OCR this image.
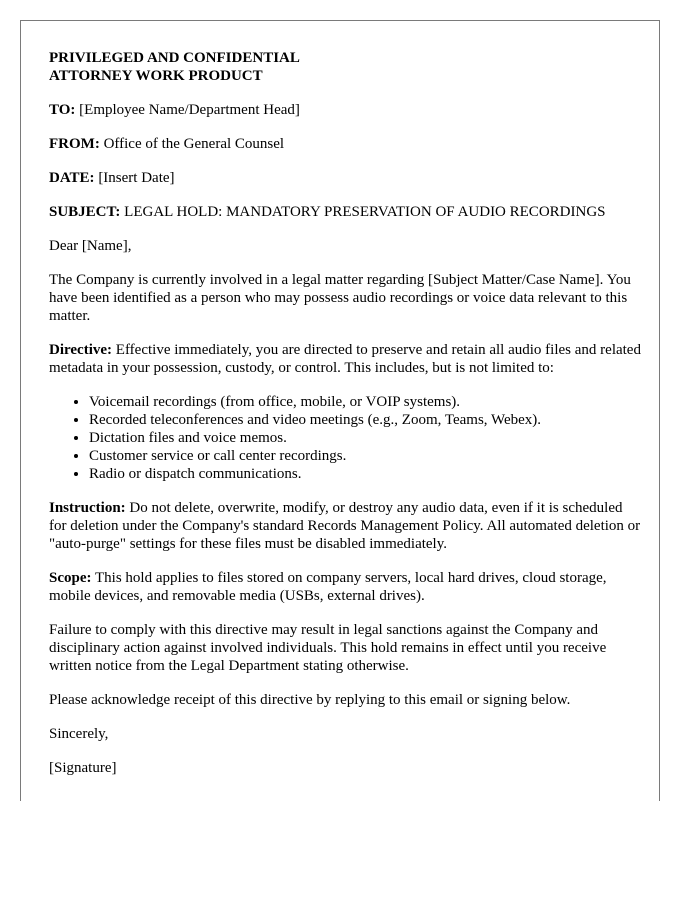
PRIVILEGED AND CONFIDENTIAL
ATTORNEY WORK PRODUCT

TO: [Employee Name/Department Head]

FROM: Office of the General Counsel

DATE: [Insert Date]

SUBJECT: LEGAL HOLD: MANDATORY PRESERVATION OF AUDIO RECORDINGS

Dear [Name],

The Company is currently involved in a legal matter regarding [Subject Matter/Case Name]. You have been identified as a person who may possess audio recordings or voice data relevant to this matter.

Directive: Effective immediately, you are directed to preserve and retain all audio files and related metadata in your possession, custody, or control. This includes, but is not limited to:

• Voicemail recordings (from office, mobile, or VOIP systems).
• Recorded teleconferences and video meetings (e.g., Zoom, Teams, Webex).
• Dictation files and voice memos.
• Customer service or call center recordings.
• Radio or dispatch communications.

Instruction: Do not delete, overwrite, modify, or destroy any audio data, even if it is scheduled for deletion under the Company's standard Records Management Policy. All automated deletion or "auto-purge" settings for these files must be disabled immediately.

Scope: This hold applies to files stored on company servers, local hard drives, cloud storage, mobile devices, and removable media (USBs, external drives).

Failure to comply with this directive may result in legal sanctions against the Company and disciplinary action against involved individuals. This hold remains in effect until you receive written notice from the Legal Department stating otherwise.

Please acknowledge receipt of this directive by replying to this email or signing below.

Sincerely,

[Signature]
